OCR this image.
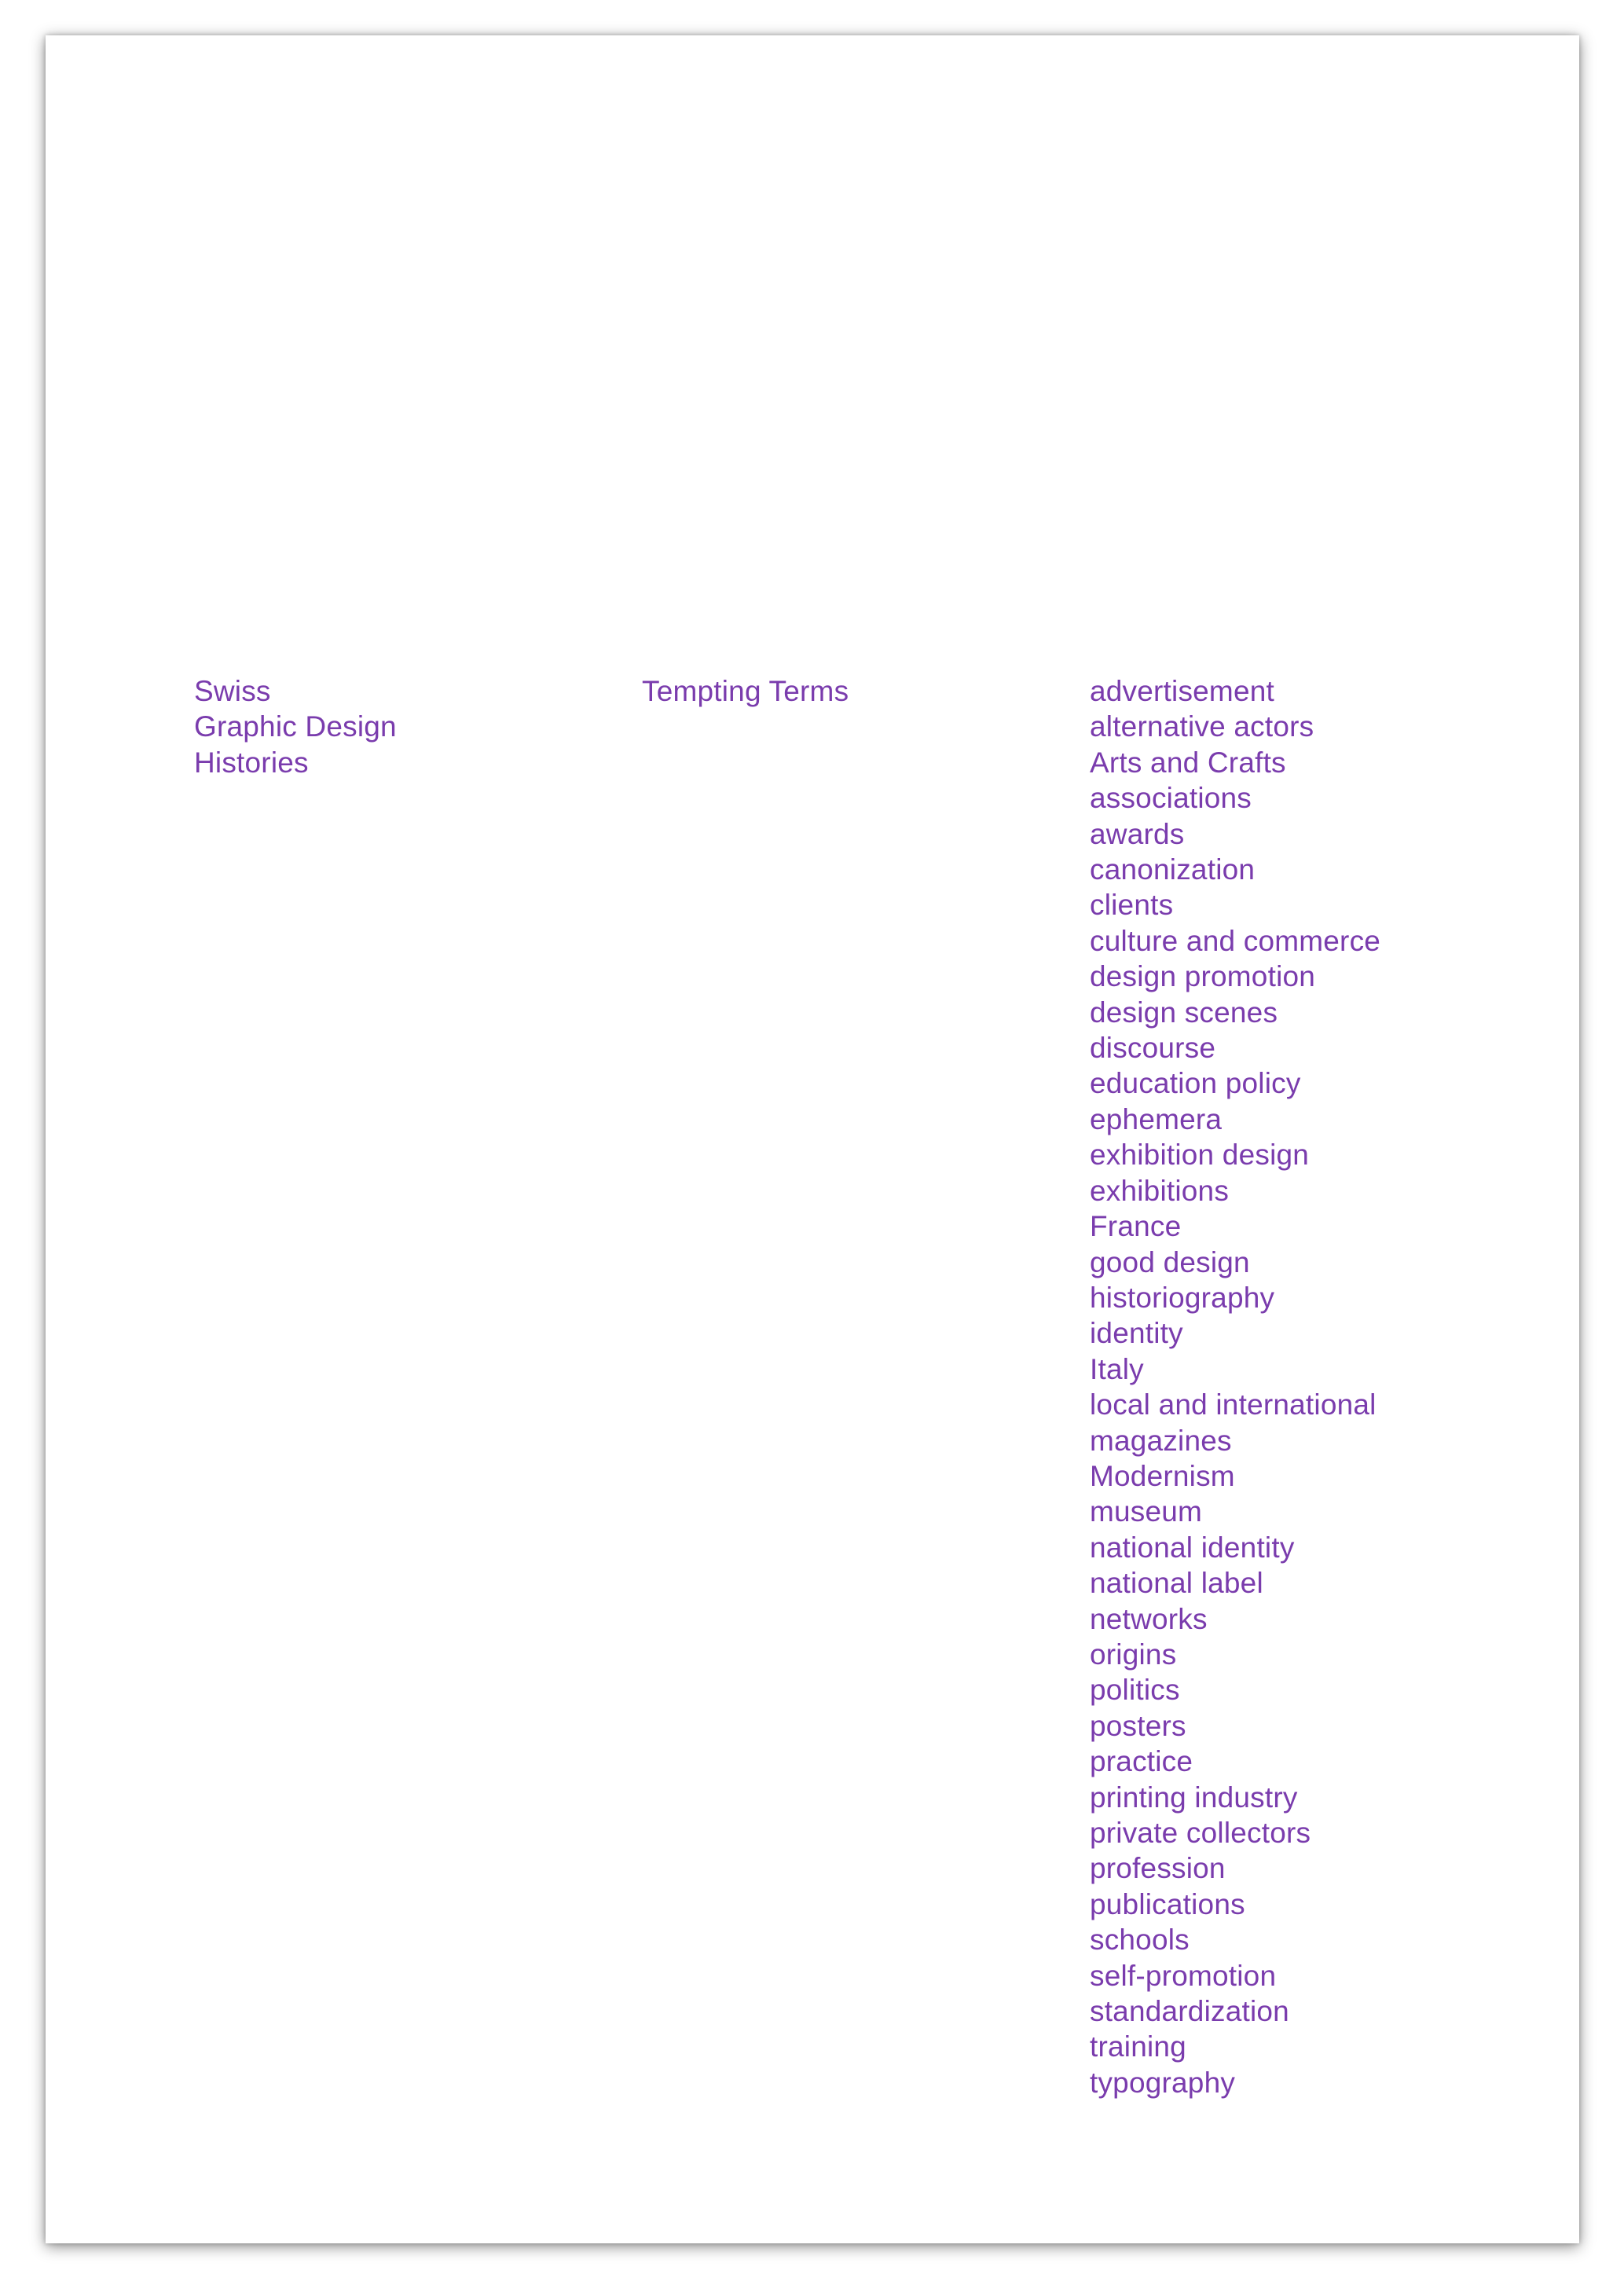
Swiss
Graphic Design
Histories
Tempting Terms	advertisement
alternative actors
Arts and Crafts
associations
awards
canonization
clients
culture and commerce
design promotion
design scenes
discourse
education policy
ephemera
exhibition design
exhibitions
France
good design
historiography
identity
Italy
local and international
magazines
Modernism
museum
national identity
national label
networks
origins
politics
posters
practice
printing industry
private collectors
profession
publications
schools
self-promotion
standardization
training
typography
